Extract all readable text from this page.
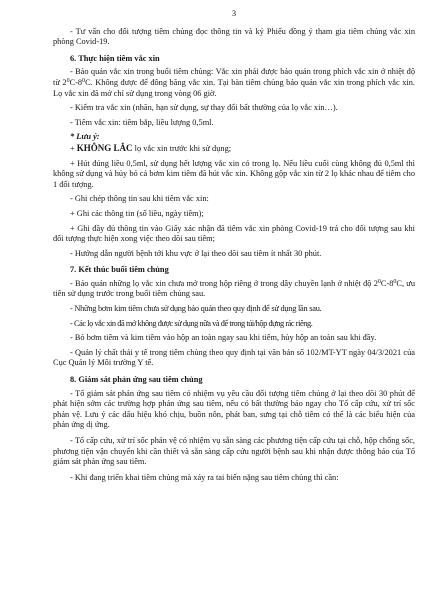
3

- Tư vấn cho đối tượng tiêm chủng đọc thông tin và ký Phiếu đồng ý tham gia tiêm chủng vắc xin phòng Covid-19.

6. Thực hiện tiêm vắc xin

- Bảo quản vắc xin trong buổi tiêm chủng: Vắc xin phải được bảo quản trong phích vắc xin ở nhiệt độ từ $2^0C-8^0C$. Không được để đông băng vắc xin. Tại bàn tiêm chủng bảo quản vắc xin trong phích vắc xin. Lọ vắc xin đã mở chỉ sử dụng trong vòng 06 giờ.

- Kiểm tra vắc xin (nhãn, hạn sử dụng, sự thay đổi bất thường của lọ vắc xin…).

- Tiêm vắc xin: tiêm bắp, liều lượng 0,5ml.

* Lưu ý:

+ KHÔNG LẮC lọ vắc xin trước khi sử dụng;

+ Hút đúng liều 0,5ml, sử dụng hết lượng vắc xin có trong lọ. Nếu liều cuối cùng không đủ 0,5ml thì không sử dụng và hủy bỏ cả bơm kim tiêm đã hút vắc xin. Không gộp vắc xin từ 2 lọ khác nhau để tiêm cho 1 đối tượng.

- Ghi chép thông tin sau khi tiêm vắc xin:

+ Ghi các thông tin (số liều, ngày tiêm);

+ Ghi đầy đủ thông tin vào Giấy xác nhận đã tiêm vắc xin phòng Covid-19 trả cho đối tượng sau khi đối tượng thực hiện xong việc theo dõi sau tiêm;

- Hướng dẫn người bệnh tới khu vực ở lại theo dõi sau tiêm ít nhất 30 phút.

7. Kết thúc buổi tiêm chủng

- Bảo quản những lọ vắc xin chưa mở trong hộp riêng ở trong dây chuyền lạnh ở nhiệt độ $2^0C-8^0C$, ưu tiên sử dụng trước trong buổi tiêm chủng sau.

- Những bơm kim tiêm chưa sử dụng bảo quản theo quy định để sử dụng lần sau.

- Các lọ vắc xin đã mở không được sử dụng nữa và để trong túi/hộp đựng rác riêng.

- Bỏ bơm tiêm và kim tiêm vào hộp an toàn ngay sau khi tiêm, hủy hộp an toàn sau khi đầy.

- Quản lý chất thải y tế trong tiêm chủng theo quy định tại văn bản số 102/MT-YT ngày 04/3/2021 của Cục Quản lý Môi trường Y tế.

8. Giám sát phản ứng sau tiêm chủng

- Tổ giám sát phản ứng sau tiêm có nhiệm vụ yêu cầu đối tượng tiêm chủng ở lại theo dõi 30 phút để phát hiện sớm các trường hợp phản ứng sau tiêm, nếu có bất thường báo ngay cho Tổ cấp cứu, xử trí sốc phản vệ. Lưu ý các dấu hiệu khó chịu, buồn nôn, phát ban, sưng tại chỗ tiêm có thể là các biểu hiện của phản ứng dị ứng.

- Tổ cấp cứu, xử trí sốc phản vệ có nhiệm vụ sẵn sàng các phương tiện cấp cứu tại chỗ, hộp chống sốc, phương tiện vận chuyển khi cần thiết và sẵn sàng cấp cứu người bệnh sau khi nhận được thông báo của Tổ giám sát phản ứng sau tiêm.

- Khi đang triển khai tiêm chủng mà xảy ra tai biến nặng sau tiêm chủng thì cần:
